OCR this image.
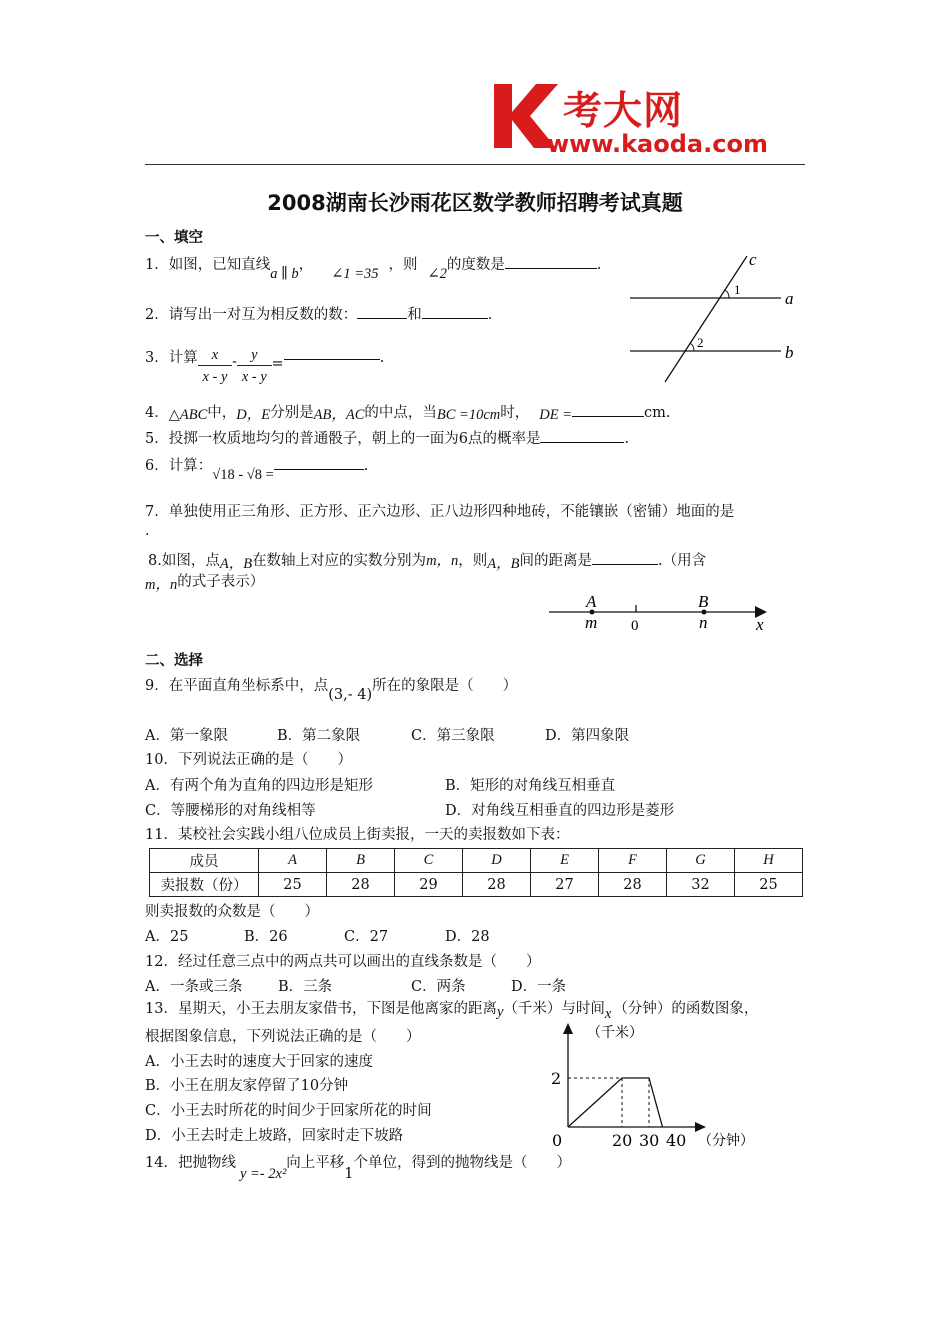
考大网
www.kaoda.com
2008湖南长沙雨花区数学教师招聘考试真题
一、填空
1．如图，已知直线a ∥ b，∠1 =35，则∠2的度数是	.	c
a
b
1
2
2．请写出一对互为相反数的数：	和	.
3．计算 $\frac{x}{x - y} - \frac{y}{x - y}$ =	.
4．△ABC中，D，E分别是AB，AC的中点，当BC =10cm时， DE =	cm.
5．投掷一枚质地均匀的普通骰子，朝上的一面为6点的概率是	.
6．计算：√18 - √8 =.
7．单独使用正三角形、正方形、正六边形、正八边形四种地砖，不能镶嵌（密铺）地面的是
.
8.如图，点A，B在数轴上对应的实数分别为m，n，则A，B间的距离是	.（用含
m，n的式子表示）
A
m 0
B
n	x
二、选择
9．在平面直角坐标系中，点(3,- 4)所在的象限是（　　）
A．第一象限	B．第二象限	C．第三象限	D．第四象限
10．下列说法正确的是（　　）
A．有两个角为直角的四边形是矩形	B．矩形的对角线互相垂直
C．等腰梯形的对角线相等	D．对角线互相垂直的四边形是菱形
11．某校社会实践小组八位成员上街卖报，一天的卖报数如下表：
成员	A	B	C	D	E	F	G	H
卖报数（份）	25	28	29	28	27	28	32	25
则卖报数的众数是（　　）
A．25	B．26	C．27	D．28
12．经过任意三点中的两点共可以画出的直线条数是（　　）
A．一条或三条 B．三条	C．两条	D．一条
13．星期天，小王去朋友家借书，下图是他离家的距离y（千米）与时间x （分钟）的函数图象，
根据图象信息，下列说法正确的是（　　）
A．小王去时的速度大于回家的速度
B．小王在朋友家停留了10分钟
C．小王去时所花的时间少于回家所花的时间
D．小王去时走上坡路，回家时走下坡路	0	20 30 40
2
（千米）
（分钟）
14．把抛物线y =- 2x²向上平移1个单位，得到的抛物线是（　　）
